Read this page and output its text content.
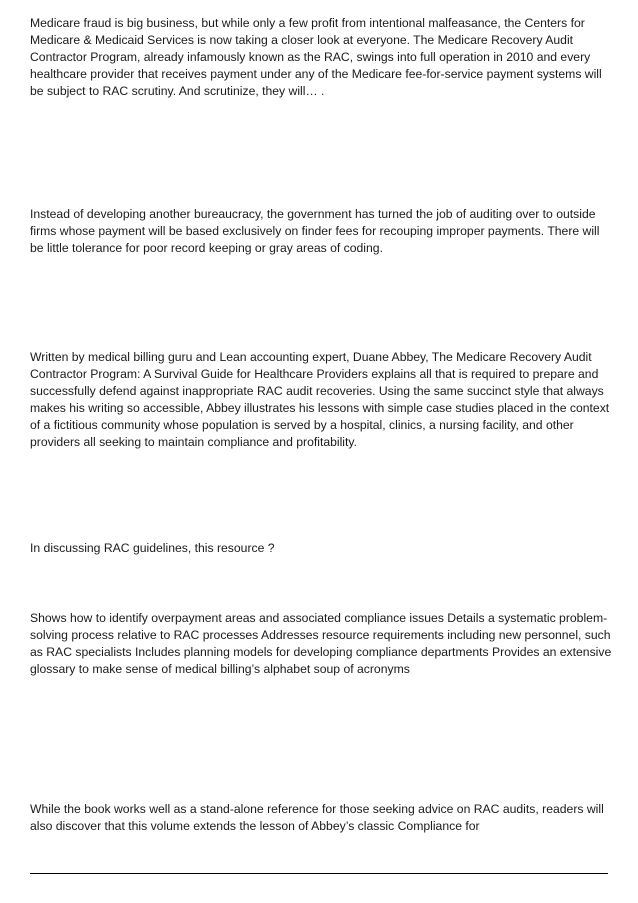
Medicare fraud is big business, but while only a few profit from intentional malfeasance, the Centers for Medicare & Medicaid Services is now taking a closer look at everyone. The Medicare Recovery Audit Contractor Program, already infamously known as the RAC, swings into full operation in 2010 and every healthcare provider that receives payment under any of the Medicare fee-for-service payment systems will be subject to RAC scrutiny. And scrutinize, they will… .

Instead of developing another bureaucracy, the government has turned the job of auditing over to outside firms whose payment will be based exclusively on finder fees for recouping improper payments. There will be little tolerance for poor record keeping or gray areas of coding.

Written by medical billing guru and Lean accounting expert, Duane Abbey, The Medicare Recovery Audit Contractor Program: A Survival Guide for Healthcare Providers explains all that is required to prepare and successfully defend against inappropriate RAC audit recoveries. Using the same succinct style that always makes his writing so accessible, Abbey illustrates his lessons with simple case studies placed in the context of a fictitious community whose population is served by a hospital, clinics, a nursing facility, and other providers all seeking to maintain compliance and profitability.

In discussing RAC guidelines, this resource ?

Shows how to identify overpayment areas and associated compliance issues Details a systematic problem-solving process relative to RAC processes Addresses resource requirements including new personnel, such as RAC specialists Includes planning models for developing compliance departments Provides an extensive glossary to make sense of medical billing’s alphabet soup of acronyms

While the book works well as a stand-alone reference for those seeking advice on RAC audits, readers will also discover that this volume extends the lesson of Abbey’s classic Compliance for
